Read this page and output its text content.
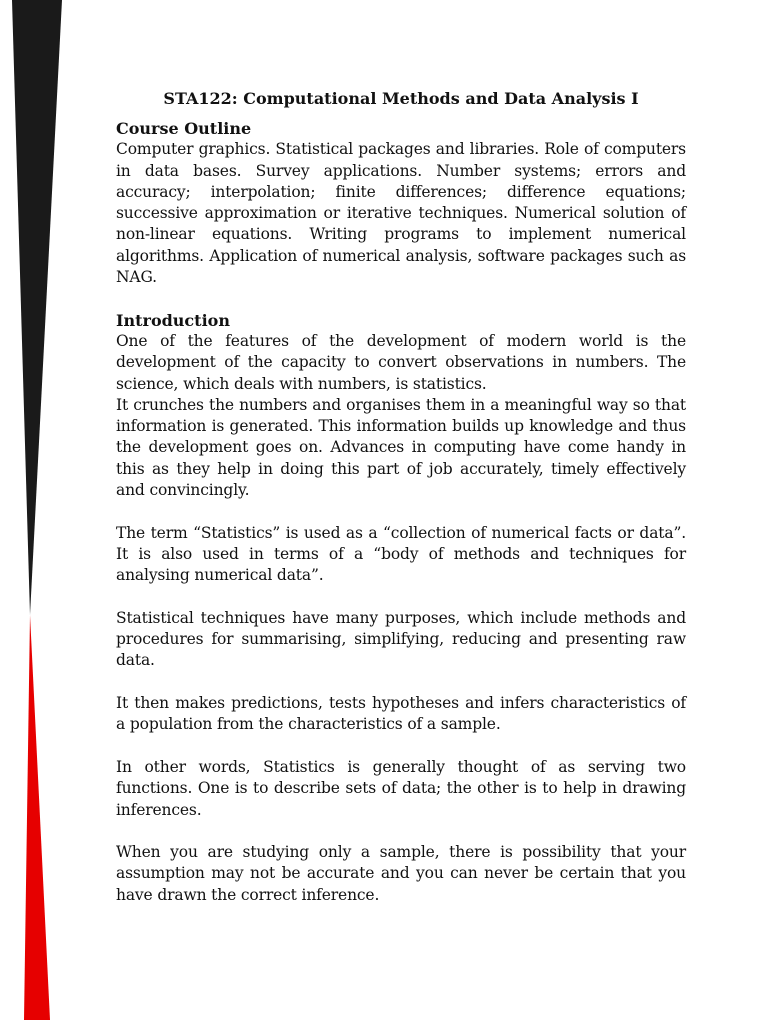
STA122: Computational Methods and Data Analysis I
Course Outline

Computer graphics. Statistical packages and libraries. Role of computers in data bases. Survey applications. Number systems; errors and accuracy; interpolation; finite differences; difference equations; successive approximation or iterative techniques. Numerical solution of non-linear equations. Writing programs to implement numerical algorithms. Application of numerical analysis, software packages such as NAG.

Introduction

One of the features of the development of modern world is the development of the capacity to convert observations in numbers. The science, which deals with numbers, is statistics.

It crunches the numbers and organises them in a meaningful way so that information is generated. This information builds up knowledge and thus the development goes on. Advances in computing have come handy in this as they help in doing this part of job accurately, timely effectively and convincingly.

The term “Statistics” is used as a “collection of numerical facts or data”. It is also used in terms of a “body of methods and techniques for analysing numerical data”.

Statistical techniques have many purposes, which include methods and procedures for summarising, simplifying, reducing and presenting raw data.

It then makes predictions, tests hypotheses and infers characteristics of a population from the characteristics of a sample.

In other words, Statistics is generally thought of as serving two functions. One is to describe sets of data; the other is to help in drawing inferences.

When you are studying only a sample, there is possibility that your assumption may not be accurate and you can never be certain that you have drawn the correct inference.
